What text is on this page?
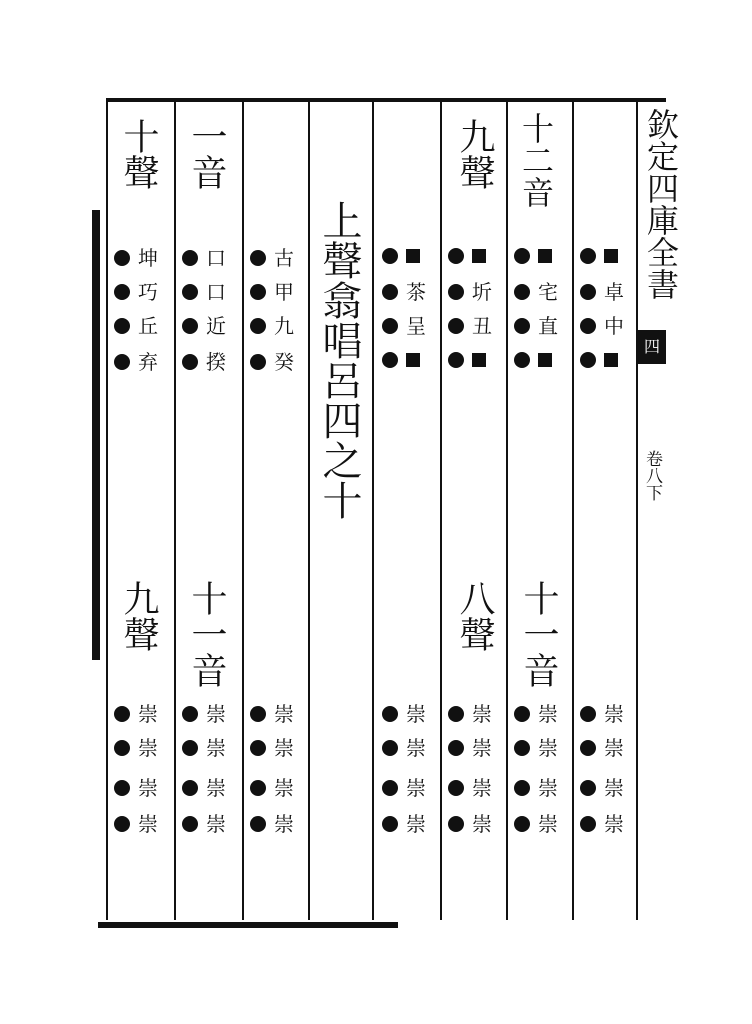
欽定四庫全書
四
卷八下
上聲翕唱呂四之十
十聲 一音	九聲 十二音
九聲 十一音	八聲 十一音
坤
巧
丘
弃
口
口
近
揆
古
甲
九
癸
茶
呈
圻
丑
宅
直
卓
中
崇
崇
崇
崇
崇
崇
崇
崇
崇
崇
崇
崇
崇
崇
崇
崇
崇
崇
崇
崇
崇
崇
崇
崇
崇
崇
崇
崇
